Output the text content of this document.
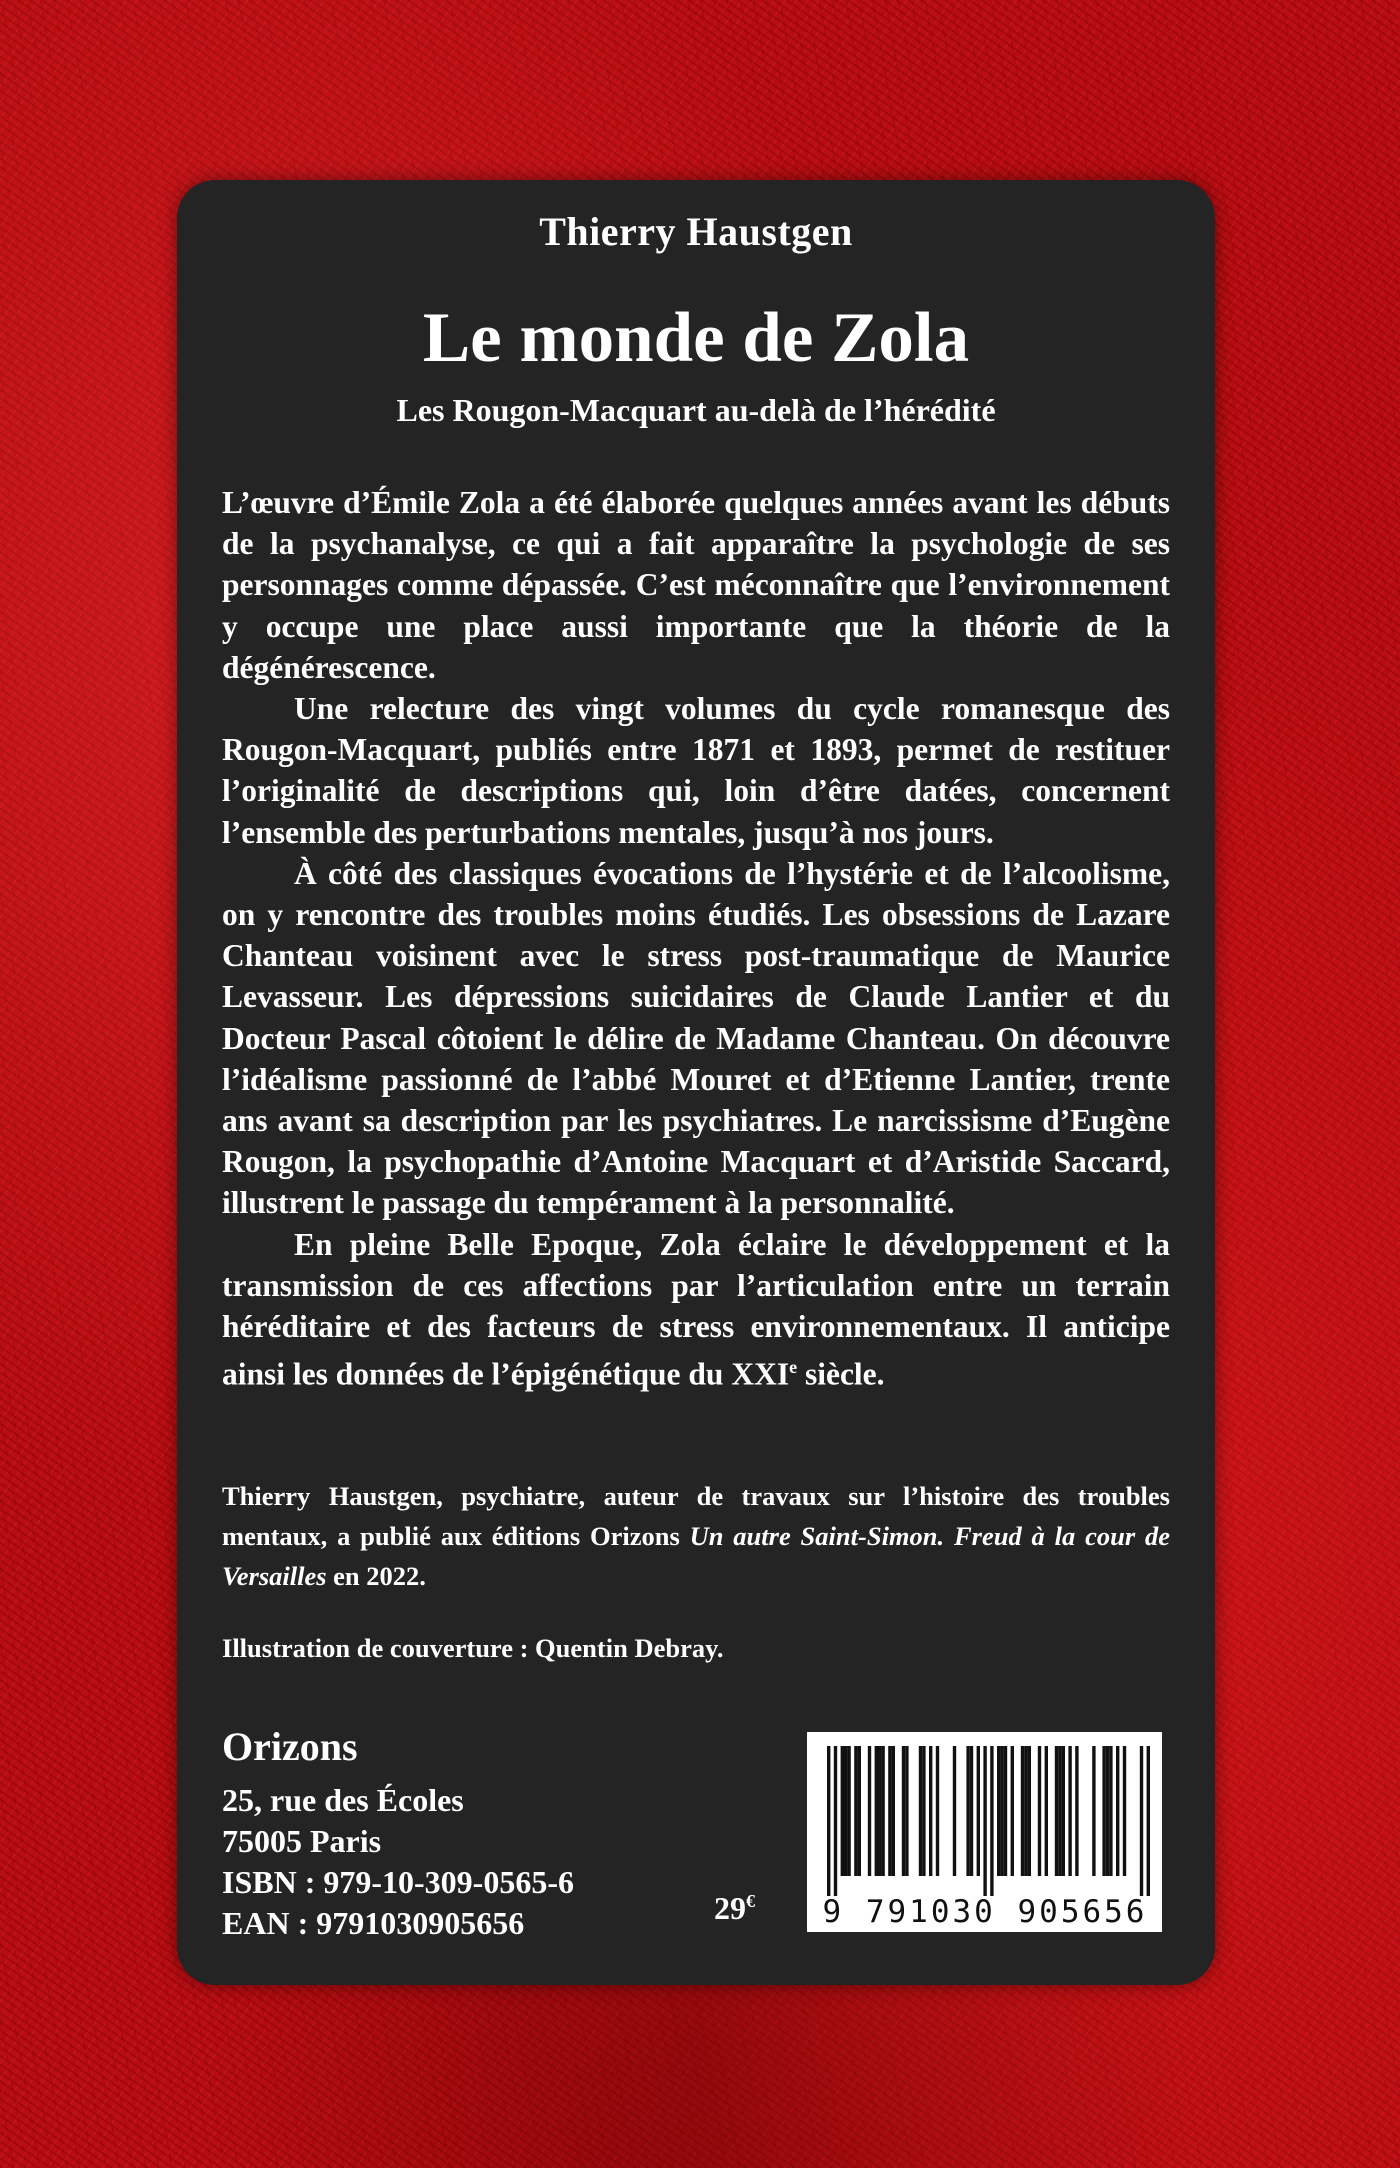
Thierry Haustgen
Le monde de Zola
Les Rougon-Macquart au-delà de l’hérédité

L’œuvre d’Émile Zola a été élaborée quelques années avant les débuts de la psychanalyse, ce qui a fait apparaître la psychologie de ses personnages comme dépassée. C’est méconnaître que l’environnement y occupe une place aussi importante que la théorie de la dégénérescence.

Une relecture des vingt volumes du cycle romanesque des Rougon-Macquart, publiés entre 1871 et 1893, permet de restituer l’originalité de descriptions qui, loin d’être datées, concernent l’ensemble des perturbations mentales, jusqu’à nos jours.

À côté des classiques évocations de l’hystérie et de l’alcoolisme, on y rencontre des troubles moins étudiés. Les obsessions de Lazare Chanteau voisinent avec le stress post-traumatique de Maurice Levasseur. Les dépressions suicidaires de Claude Lantier et du Docteur Pascal côtoient le délire de Madame Chanteau. On découvre l’idéalisme passionné de l’abbé Mouret et d’Etienne Lantier, trente ans avant sa description par les psychiatres. Le narcissisme d’Eugène Rougon, la psychopathie d’Antoine Macquart et d’Aristide Saccard, illustrent le passage du tempérament à la personnalité.

En pleine Belle Epoque, Zola éclaire le développement et la transmission de ces affections par l’articulation entre un terrain héréditaire et des facteurs de stress environnementaux. Il anticipe ainsi les données de l’épigénétique du XXIe siècle.

Thierry Haustgen, psychiatre, auteur de travaux sur l’histoire des troubles mentaux, a publié aux éditions Orizons Un autre Saint-Simon. Freud à la cour de Versailles en 2022.

Illustration de couverture : Quentin Debray.

Orizons
25, rue des Écoles
75005 Paris
ISBN : 979-10-309-0565-6
EAN : 9791030905656	29€ 9 791030 905656
